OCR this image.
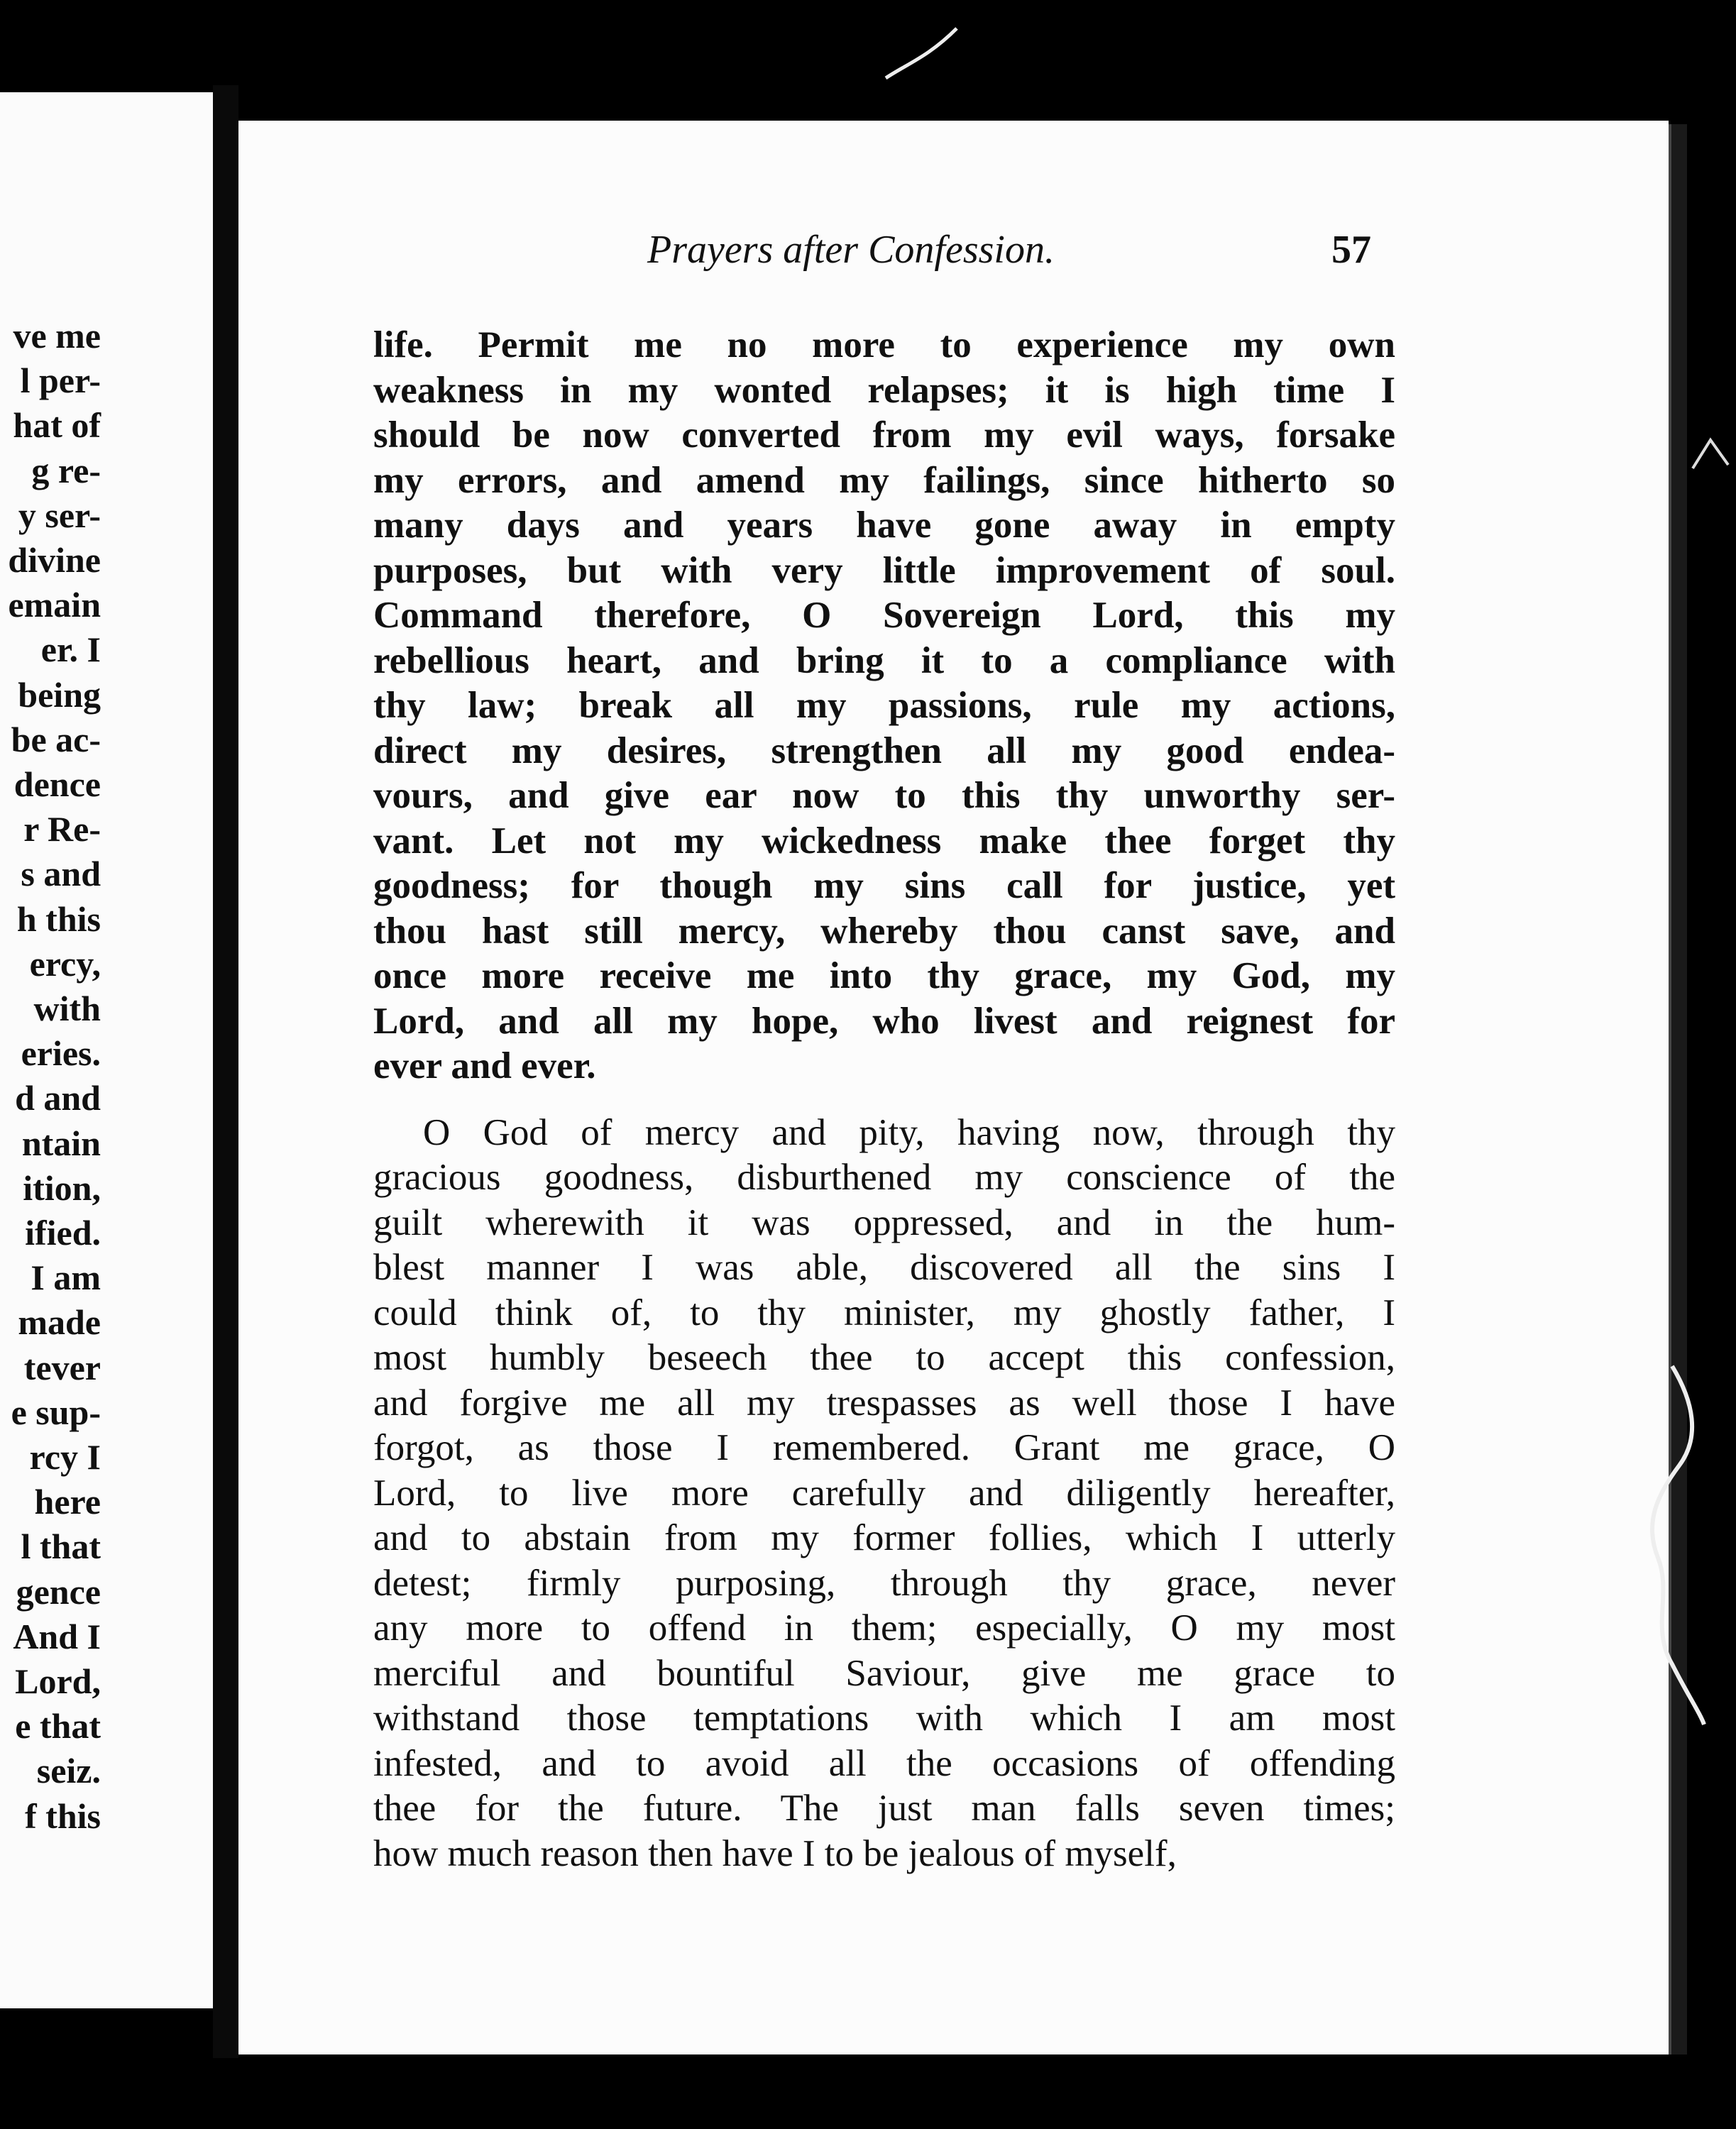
ve me
l per-
hat of
g re-
y ser-
divine
emain
er. I
being
be ac-
dence
r Re-
s and
h this
ercy,
with
eries.
d and
ntain
ition,
ified.
I am
made
tever
e sup-
rcy I
here
l that
gence
And I
Lord,
e that
seiz.
f this
Prayers after Confession.	57
life. Permit me no more to experience my own
weakness in my wonted relapses; it is high time I
should be now converted from my evil ways, forsake
my errors, and amend my failings, since hitherto so
many days and years have gone away in empty
purposes, but with very little improvement of soul.
Command therefore, O Sovereign Lord, this my
rebellious heart, and bring it to a compliance with
thy law; break all my passions, rule my actions,
direct my desires, strengthen all my good endea-
vours, and give ear now to this thy unworthy ser-
vant. Let not my wickedness make thee forget thy
goodness; for though my sins call for justice, yet
thou hast still mercy, whereby thou canst save, and
once more receive me into thy grace, my God, my
Lord, and all my hope, who livest and reignest for
ever and ever.
O God of mercy and pity, having now, through thy
gracious goodness, disburthened my conscience of the
guilt wherewith it was oppressed, and in the hum-
blest manner I was able, discovered all the sins I
could think of, to thy minister, my ghostly father, I
most humbly beseech thee to accept this confession,
and forgive me all my trespasses as well those I have
forgot, as those I remembered. Grant me grace, O
Lord, to live more carefully and diligently hereafter,
and to abstain from my former follies, which I utterly
detest; firmly purposing, through thy grace, never
any more to offend in them; especially, O my most
merciful and bountiful Saviour, give me grace to
withstand those temptations with which I am most
infested, and to avoid all the occasions of offending
thee for the future. The just man falls seven times;
how much reason then have I to be jealous of myself,
